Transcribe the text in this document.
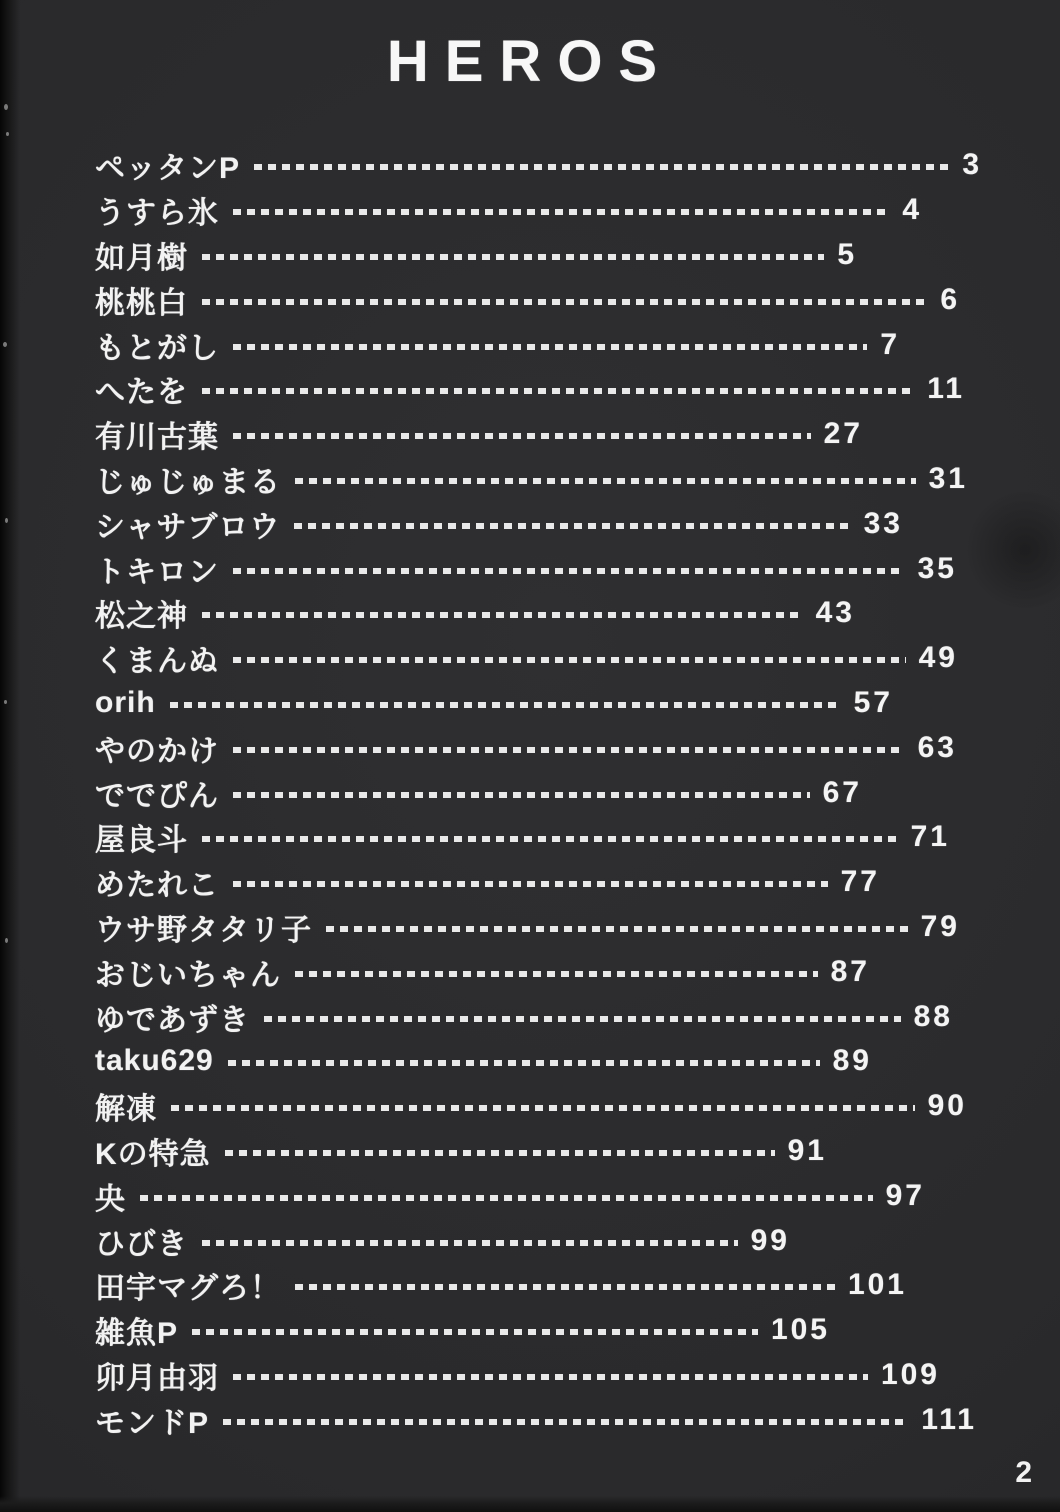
HEROS
ペッタンP	3
うすら氷	4
如月樹	5
桃桃白	6
もとがし	7
へたを	11
有川古葉	27
じゅじゅまる	31
シャサブロウ	33
トキロン	35
松之神	43
くまんぬ	49
orih	57
やのかけ	63
ででぴん	67
屋良斗	71
めたれこ	77
ウサ野タタリ子	79
おじいちゃん	87
ゆであずき	88
taku629	89
解凍	90
Kの特急	91
央	97
ひびき	99
田宇マグろ！	101
雑魚P	105
卯月由羽	109
モンドP	111
2
